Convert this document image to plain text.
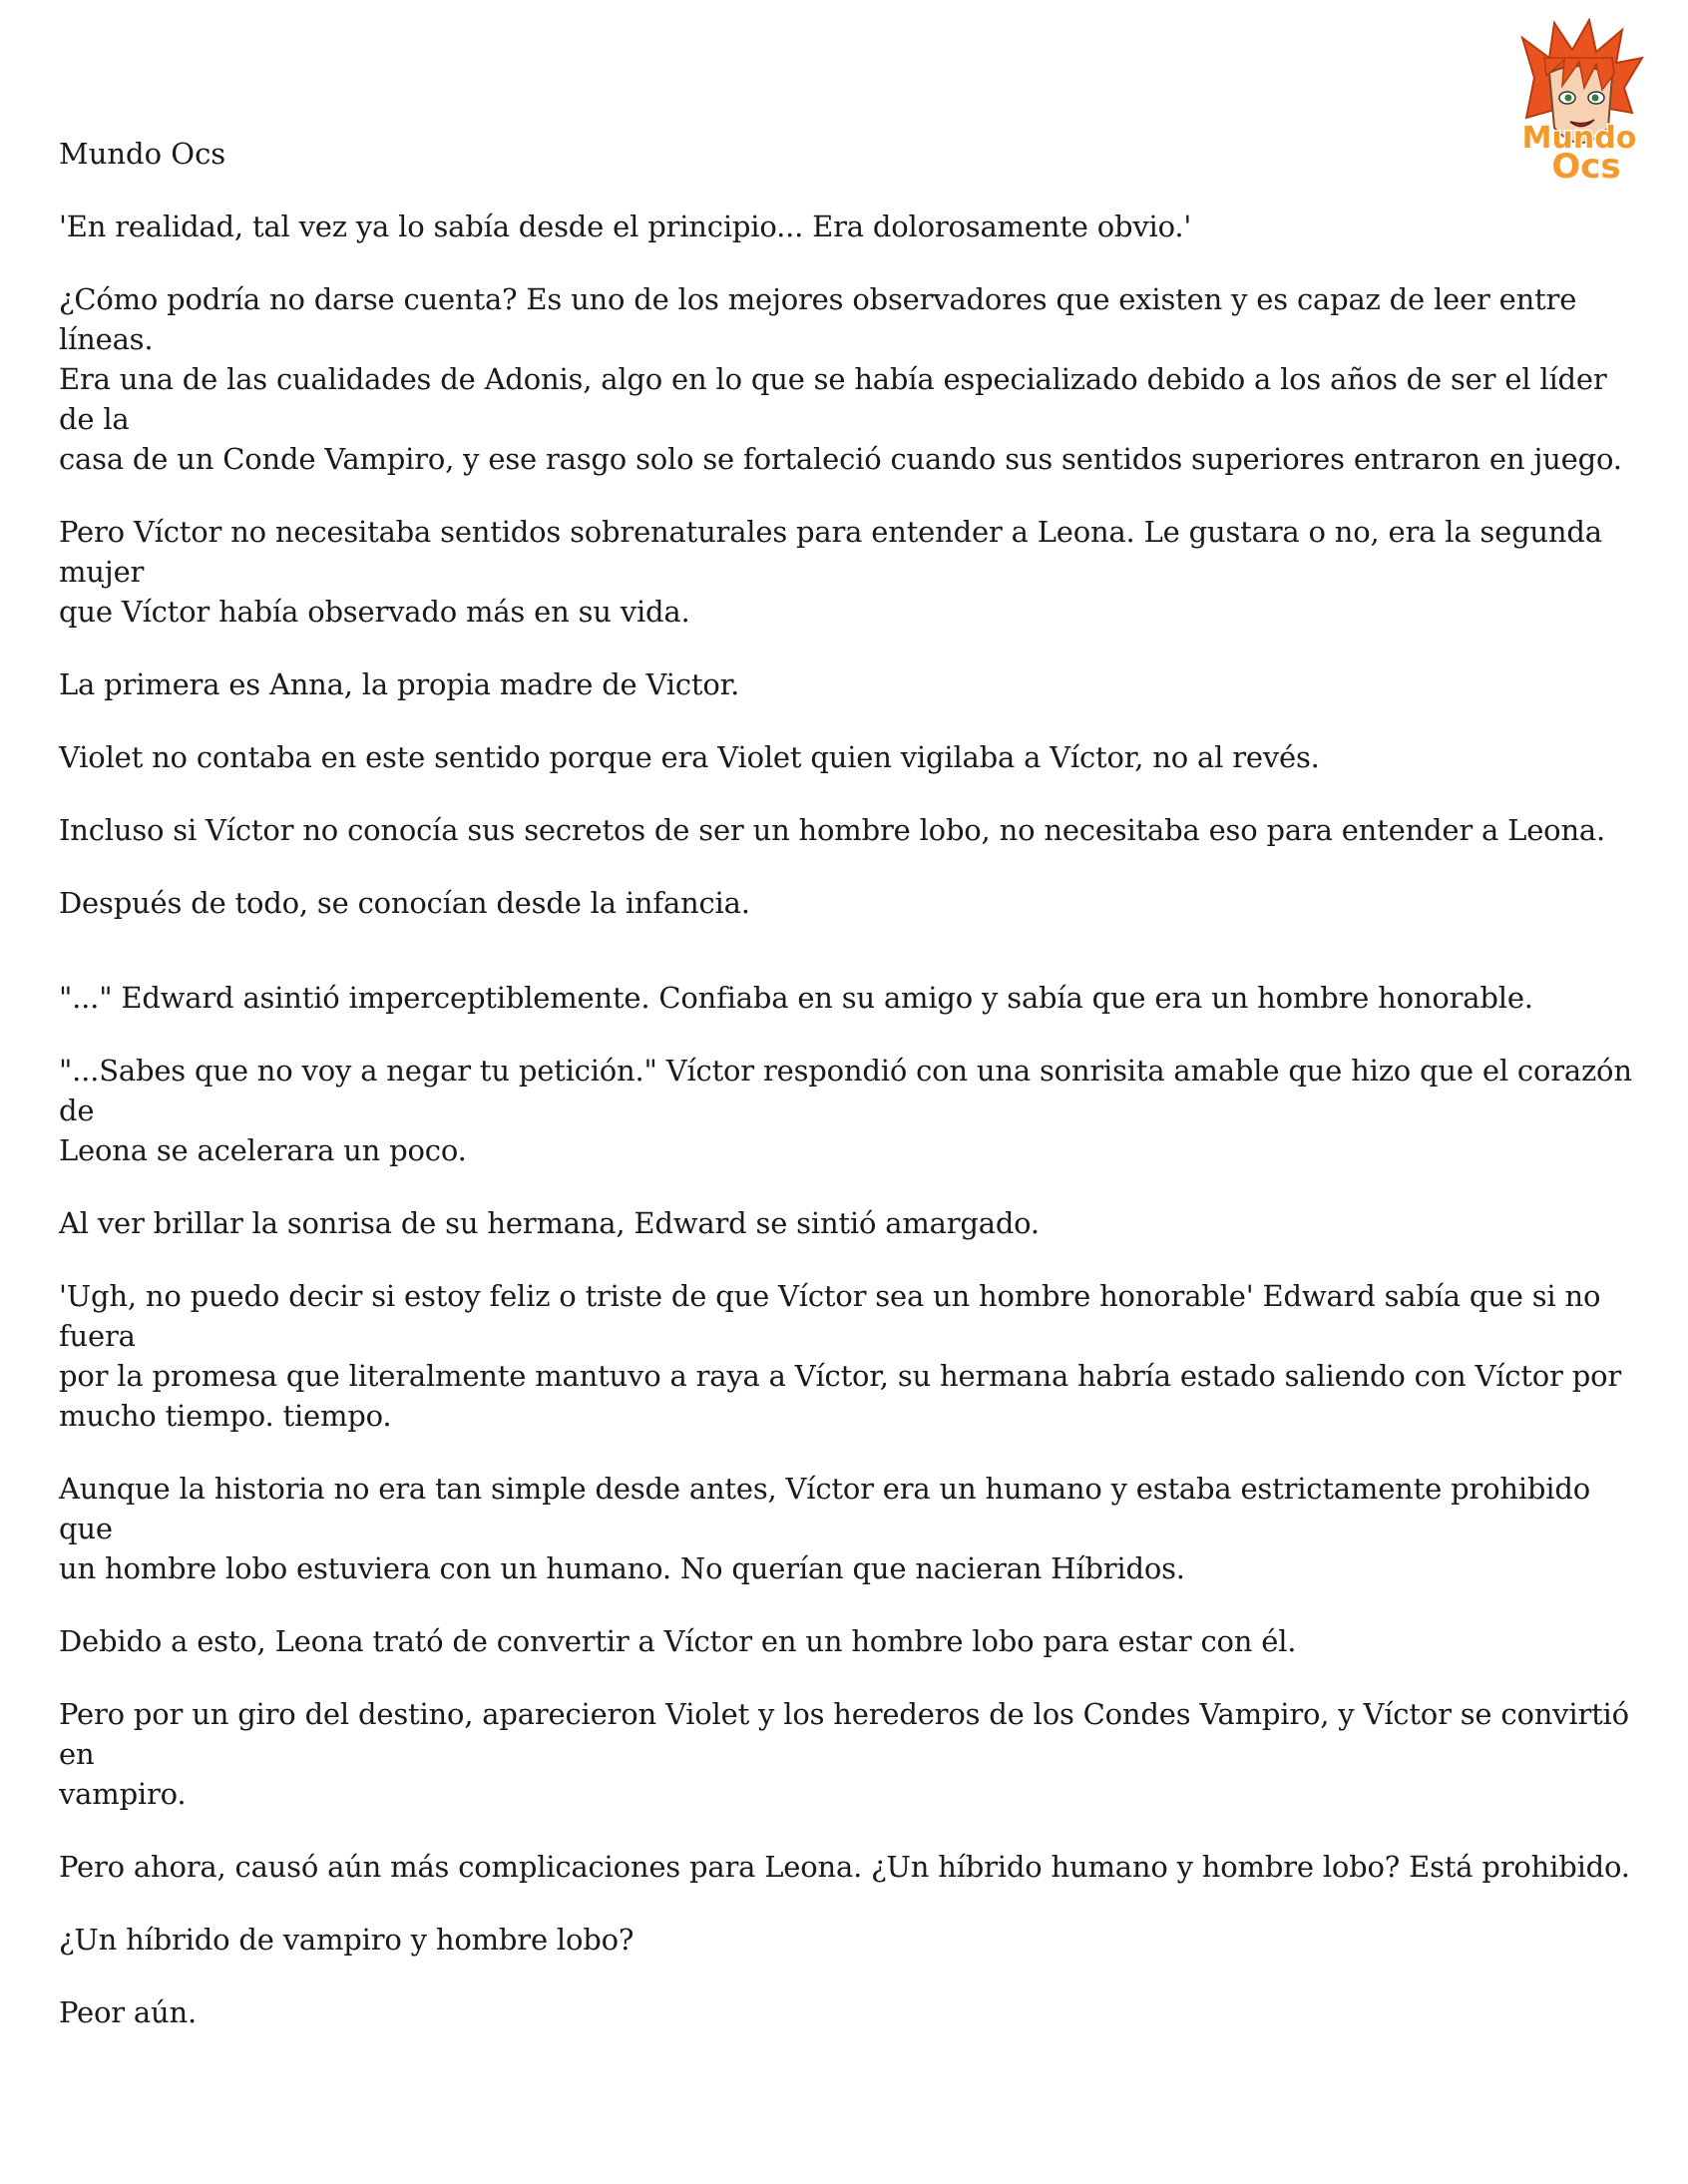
Mundo
Ocs
Mundo Ocs

'En realidad, tal vez ya lo sabía desde el principio... Era dolorosamente obvio.'

¿Cómo podría no darse cuenta? Es uno de los mejores observadores que existen y es capaz de leer entre líneas.
Era una de las cualidades de Adonis, algo en lo que se había especializado debido a los años de ser el líder de la
casa de un Conde Vampiro, y ese rasgo solo se fortaleció cuando sus sentidos superiores entraron en juego.

Pero Víctor no necesitaba sentidos sobrenaturales para entender a Leona. Le gustara o no, era la segunda mujer
que Víctor había observado más en su vida.

La primera es Anna, la propia madre de Victor.

Violet no contaba en este sentido porque era Violet quien vigilaba a Víctor, no al revés.

Incluso si Víctor no conocía sus secretos de ser un hombre lobo, no necesitaba eso para entender a Leona.

Después de todo, se conocían desde la infancia.

"..." Edward asintió imperceptiblemente. Confiaba en su amigo y sabía que era un hombre honorable.

"...Sabes que no voy a negar tu petición." Víctor respondió con una sonrisita amable que hizo que el corazón de
Leona se acelerara un poco.

Al ver brillar la sonrisa de su hermana, Edward se sintió amargado.

'Ugh, no puedo decir si estoy feliz o triste de que Víctor sea un hombre honorable' Edward sabía que si no fuera
por la promesa que literalmente mantuvo a raya a Víctor, su hermana habría estado saliendo con Víctor por
mucho tiempo. tiempo.

Aunque la historia no era tan simple desde antes, Víctor era un humano y estaba estrictamente prohibido que
un hombre lobo estuviera con un humano. No querían que nacieran Híbridos.

Debido a esto, Leona trató de convertir a Víctor en un hombre lobo para estar con él.

Pero por un giro del destino, aparecieron Violet y los herederos de los Condes Vampiro, y Víctor se convirtió en
vampiro.

Pero ahora, causó aún más complicaciones para Leona. ¿Un híbrido humano y hombre lobo? Está prohibido.

¿Un híbrido de vampiro y hombre lobo?

Peor aún.
